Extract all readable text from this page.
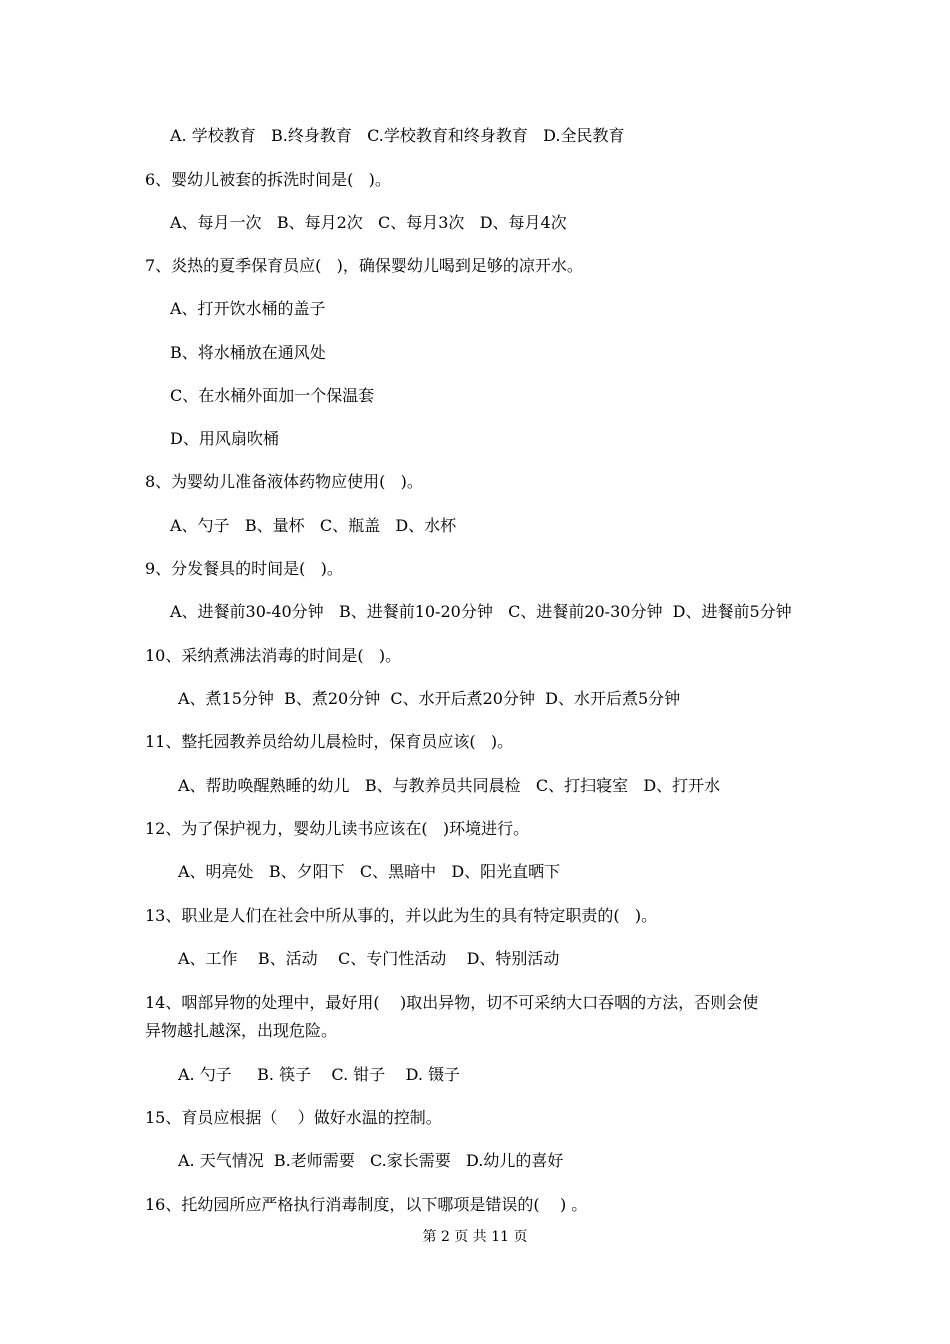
A. 学校教育   B.终身教育   C.学校教育和终身教育   D.全民教育
6、婴幼儿被套的拆洗时间是(   )。
A、每月一次   B、每月2次   C、每月3次   D、每月4次
7、炎热的夏季保育员应(   )，确保婴幼儿喝到足够的凉开水。
A、打开饮水桶的盖子
B、将水桶放在通风处
C、在水桶外面加一个保温套
D、用风扇吹桶
8、为婴幼儿准备液体药物应使用(   )。
A、勺子   B、量杯   C、瓶盖   D、水杯
9、分发餐具的时间是(   )。
A、进餐前30-40分钟   B、进餐前10-20分钟   C、进餐前20-30分钟  D、进餐前5分钟
10、采纳煮沸法消毒的时间是(   )。
A、煮15分钟  B、煮20分钟  C、水开后煮20分钟  D、水开后煮5分钟
11、整托园教养员给幼儿晨检时，保育员应该(   )。
A、帮助唤醒熟睡的幼儿   B、与教养员共同晨检   C、打扫寝室   D、打开水
12、为了保护视力，婴幼儿读书应该在(   )环境进行。
A、明亮处   B、夕阳下   C、黑暗中   D、阳光直晒下
13、职业是人们在社会中所从事的，并以此为生的具有特定职责的(   )。
A、工作    B、活动    C、专门性活动    D、特别活动
14、咽部异物的处理中，最好用(    )取出异物，切不可采纳大口吞咽的方法，否则会使
异物越扎越深，出现危险。
A. 勺子     B. 筷子    C. 钳子    D. 镊子
15、育员应根据（    ）做好水温的控制。
A. 天气情况  B.老师需要   C.家长需要   D.幼儿的喜好
16、托幼园所应严格执行消毒制度，以下哪项是错误的(    ) 。
第 2 页 共 11 页
